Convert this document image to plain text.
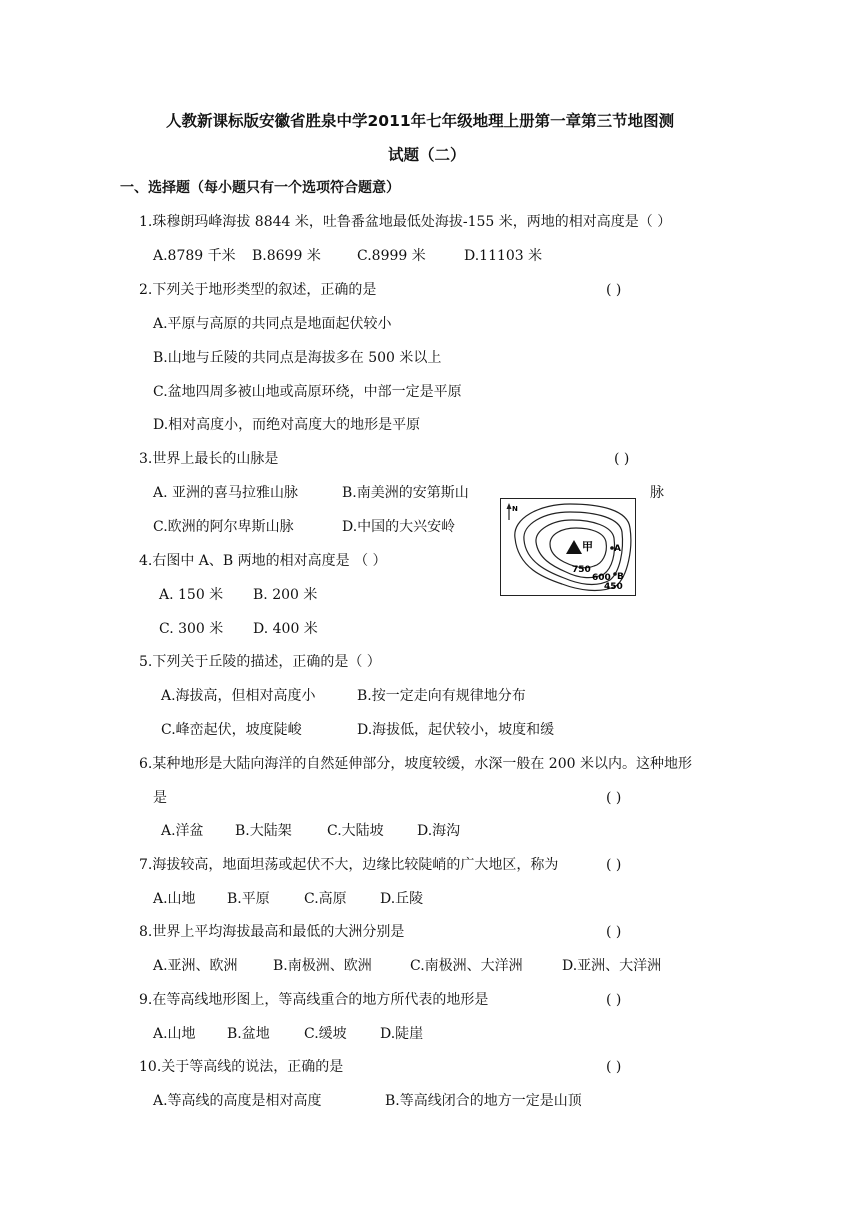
人教新课标版安徽省胜泉中学2011年七年级地理上册第一章第三节地图测
试题（二）
一、选择题（每小题只有一个选项符合题意）
1.珠穆朗玛峰海拔 8844 米，吐鲁番盆地最低处海拔-155 米，两地的相对高度是（ ）
A.8789 千米 B.8699 米	C.8999 米	D.11103 米
2.下列关于地形类型的叙述，正确的是	( )
A.平原与高原的共同点是地面起伏较小
B.山地与丘陵的共同点是海拔多在 500 米以上
C.盆地四周多被山地或高原环绕，中部一定是平原
D.相对高度小，而绝对高度大的地形是平原
3.世界上最长的山脉是	( )
A. 亚洲的喜马拉雅山脉	B.南美洲的安第斯山	脉
C.欧洲的阿尔卑斯山脉	D.中国的大兴安岭
N
甲 A
B
750
600
450
4.右图中 A、B 两地的相对高度是 （ ）
A. 150 米 B. 200 米
C. 300 米 D. 400 米
5.下列关于丘陵的描述，正确的是（ ）
A.海拔高，但相对高度小	B.按一定走向有规律地分布
C.峰峦起伏，坡度陡峻	D.海拔低，起伏较小，坡度和缓
6.某种地形是大陆向海洋的自然延伸部分，坡度较缓，水深一般在 200 米以内。这种地形
是	( )
A.洋盆 B.大陆架	C.大陆坡 D.海沟
7.海拔较高，地面坦荡或起伏不大，边缘比较陡峭的广大地区，称为	( )
A.山地 B.平原 C.高原 D.丘陵
8.世界上平均海拔最高和最低的大洲分别是	( )
A.亚洲、欧洲	B.南极洲、欧洲	C.南极洲、大洋洲	D.亚洲、大洋洲
9.在等高线地形图上，等高线重合的地方所代表的地形是	( )
A.山地 B.盆地 C.缓坡 D.陡崖
10.关于等高线的说法，正确的是	( )
A.等高线的高度是相对高度	B.等高线闭合的地方一定是山顶
